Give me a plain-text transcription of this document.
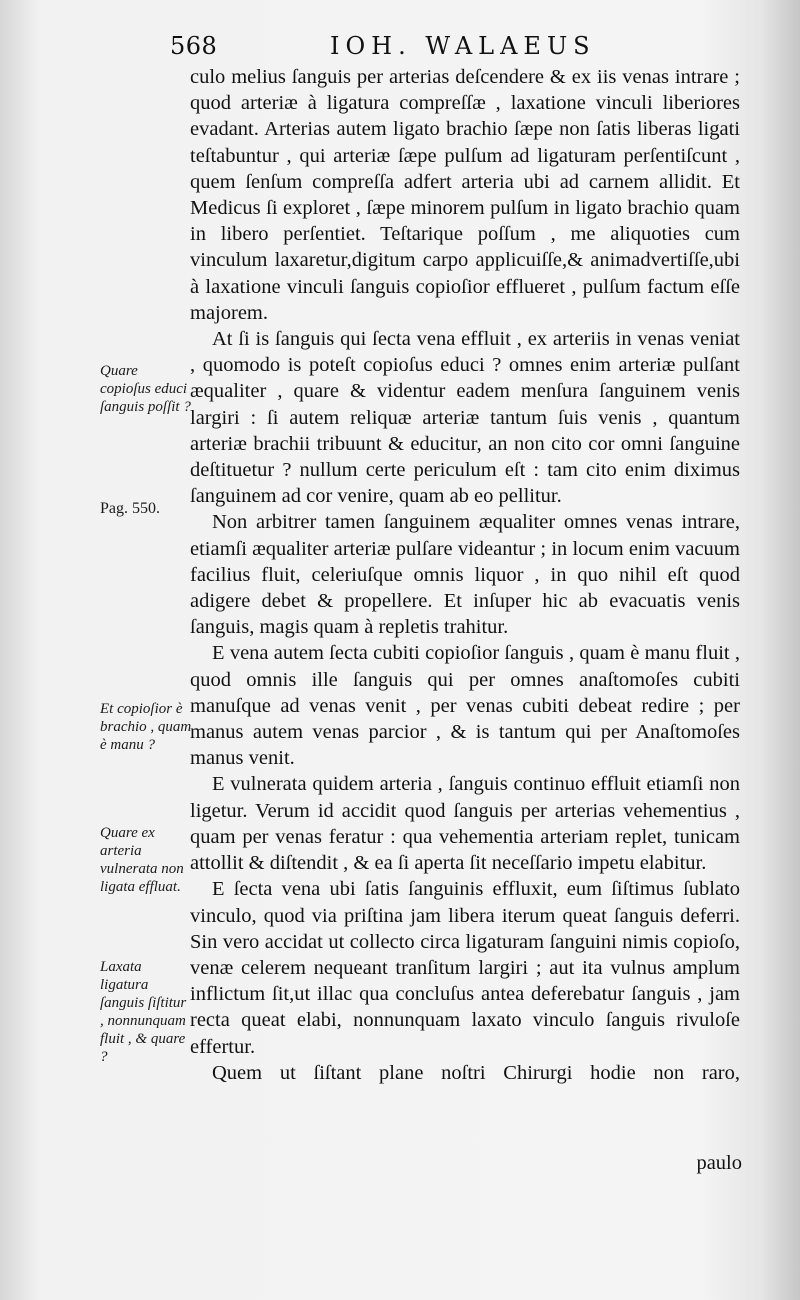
568	IOH. WALAEUS

culo melius ſanguis per arterias deſcendere & ex iis venas intrare ; quod arteriæ à ligatura compreſſæ , laxatione vinculi liberiores evadant. Arterias autem ligato brachio ſæpe non ſatis liberas ligati teſtabuntur , qui arteriæ ſæpe pulſum ad ligaturam perſentiſcunt , quem ſenſum compreſſa adfert arteria ubi ad carnem allidit. Et Medicus ſi exploret , ſæpe minorem pulſum in ligato brachio quam in libero perſentiet. Teſtarique poſſum , me aliquoties cum vinculum laxaretur,digitum carpo applicuiſſe,& animadvertiſſe,ubi à laxatione vinculi ſanguis copioſior efflueret , pulſum factum eſſe majorem.

At ſi is ſanguis qui ſecta vena effluit , ex arteriis in venas veniat , quomodo is poteſt copioſus educi ? omnes enim arteriæ pulſant æqualiter , quare & videntur eadem menſura ſanguinem venis largiri : ſi autem reliquæ arteriæ tantum ſuis venis , quantum arteriæ brachii tribuunt & educitur, an non cito cor omni ſanguine deſtituetur ? nullum certe periculum eſt : tam cito enim diximus ſanguinem ad cor venire, quam ab eo pellitur.

Non arbitrer tamen ſanguinem æqualiter omnes venas intrare, etiamſi æqualiter arteriæ pulſare videantur ; in locum enim vacuum facilius fluit, celeriuſque omnis liquor , in quo nihil eſt quod adigere debet & propellere. Et inſuper hic ab evacuatis venis ſanguis, magis quam à repletis trahitur.

E vena autem ſecta cubiti copioſior ſanguis , quam è manu fluit , quod omnis ille ſanguis qui per omnes anaſtomoſes cubiti manuſque ad venas venit , per venas cubiti debeat redire ; per manus autem venas parcior , & is tantum qui per Anaſtomoſes manus venit.

E vulnerata quidem arteria , ſanguis continuo effluit etiamſi non ligetur. Verum id accidit quod ſanguis per arterias vehementius , quam per venas feratur : qua vehementia arteriam replet, tunicam attollit & diſtendit , & ea ſi aperta ſit neceſſario impetu elabitur.

E ſecta vena ubi ſatis ſanguinis effluxit, eum ſiſtimus ſublato vinculo, quod via priſtina jam libera iterum queat ſanguis deferri. Sin vero accidat ut collecto circa ligaturam ſanguini nimis copioſo, venæ celerem nequeant tranſitum largiri ; aut ita vulnus amplum inflictum ſit,ut illac qua concluſus antea deferebatur ſanguis , jam recta queat elabi, nonnunquam laxato vinculo ſanguis rivuloſe effertur.

Quem ut ſiſtant plane noſtri Chirurgi hodie non raro,

Quare copioſus educi ſanguis poſſit ?
Pag. 550.
Et copioſior è brachio , quam è manu ?
Quare ex arteria vulnerata non ligata effluat.
Laxata ligatura ſanguis ſiſtitur , nonnunquam fluit , & quare ?
paulo
